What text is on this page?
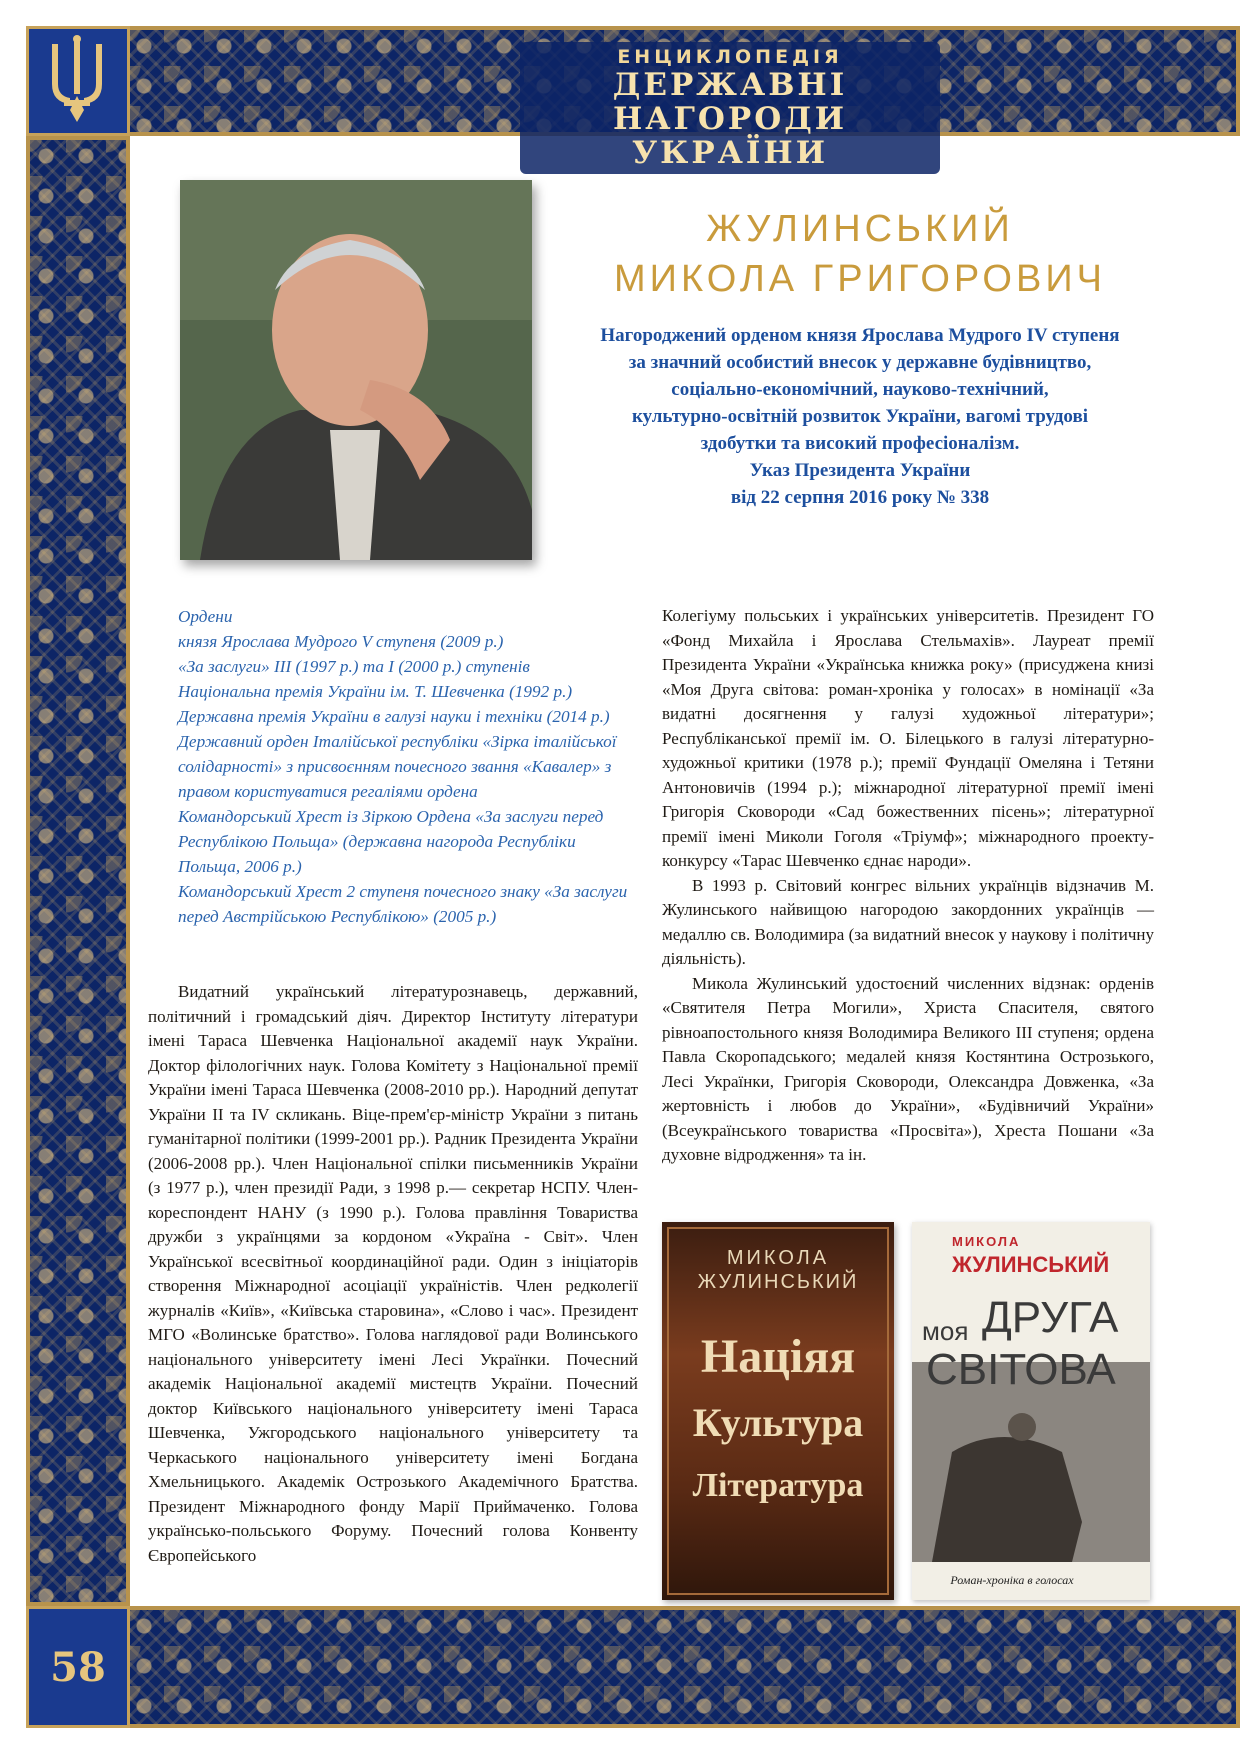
ЕНЦИКЛОПЕДІЯ
ДЕРЖАВНІ НАГОРОДИ
УКРАЇНИ
58
ЖУЛИНСЬКИЙ
МИКОЛА ГРИГОРОВИЧ
Нагороджений орденом князя Ярослава Мудрого IV ступеня
за значний особистий внесок у державне будівництво,
соціально-економічний, науково-технічний,
культурно-освітній розвиток України, вагомі трудові
здобутки та високий професіоналізм.
Указ Президента України
від 22 серпня 2016 року № 338
Ордени
князя Ярослава Мудрого V ступеня (2009 р.)
«За заслуги» ІІІ (1997 р.) та І (2000 р.) ступенів
Національна премія України ім. Т. Шевченка (1992 р.)
Державна премія України в галузі науки і техніки (2014 р.)
Державний орден Італійської республіки «Зірка італійської солідарності» з присвоєнням почесного звання «Кавалер» з правом користуватися регаліями ордена
Командорський Хрест із Зіркою Ордена «За заслуги перед Республікою Польща» (державна нагорода Республіки Польща, 2006 р.)
Командорський Хрест 2 ступеня почесного знаку «За заслуги перед Австрійською Республікою» (2005 р.)
Видатний український літературознавець, державний, політичний і громадський діяч. Директор Інституту літератури імені Тараса Шевченка Національної академії наук України. Доктор філологічних наук. Голова Комітету з Національної премії України імені Тараса Шевченка (2008-2010 рр.). Народний депутат України ІІ та IV скликань. Віце-прем'єр-міністр України з питань гуманітарної політики (1999-2001 рр.). Радник Президента України (2006-2008 рр.). Член Національної спілки письменників України (з 1977 р.), член президії Ради, з 1998 р.— секретар НСПУ. Член-кореспондент НАНУ (з 1990 р.). Голова правління Товариства дружби з українцями за кордоном «Україна - Світ». Член Української всесвітньої координаційної ради. Один з ініціаторів створення Міжнародної асоціації україністів. Член редколегії журналів «Київ», «Київська старовина», «Слово і час». Президент МГО «Волинське братство». Голова наглядової ради Волинського національного університету імені Лесі Українки. Почесний академік Національної академії мистецтв України. Почесний доктор Київського національного університету імені Тараса Шевченка, Ужгородського національного університету та Черкаського національного університету імені Богдана Хмельницького. Академік Острозького Академічного Братства. Президент Міжнародного фонду Марії Приймаченко. Голова українсько-польського Форуму. Почесний голова Конвенту Європейського

Колегіуму польських і українських університетів. Президент ГО «Фонд Михайла і Ярослава Стельмахів». Лауреат премії Президента України «Українська книжка року» (присуджена книзі «Моя Друга світова: роман-хроніка у голосах» в номінації «За видатні досягнення у галузі художньої літератури»; Республіканської премії ім. О. Білецького в галузі літературно-художньої критики (1978 р.); премії Фундації Омеляна і Тетяни Антоновичів (1994 р.); міжнародної літературної премії імені Григорія Сковороди «Сад божественних пісень»; літературної премії імені Миколи Гоголя «Тріумф»; міжнародного проекту-конкурсу «Тарас Шевченко єднає народи».

В 1993 р. Світовий конгрес вільних українців відзначив М. Жулинського найвищою нагородою закордонних українців — медаллю св. Володимира (за видатний внесок у наукову і політичну діяльність).

Микола Жулинський удостоєний численних відзнак: орденів «Святителя Петра Могили», Христа Спасителя, святого рівноапостольного князя Володимира Великого ІІІ ступеня; ордена Павла Скоропадського; медалей князя Костянтина Острозького, Лесі Українки, Григорія Сковороди, Олександра Довженка, «За жертовність і любов до України», «Будівничий України» (Всеукраїнського товариства «Просвіта»), Хреста Пошани «За духовне відродження» та ін.

МИКОЛА
ЖУЛИНСЬКИЙ
Націяя
Культура
Література
МИКОЛА
ЖУЛИНСЬКИЙ
моя ДРУГА
СВІТОВА
Роман-хроніка в голосах
